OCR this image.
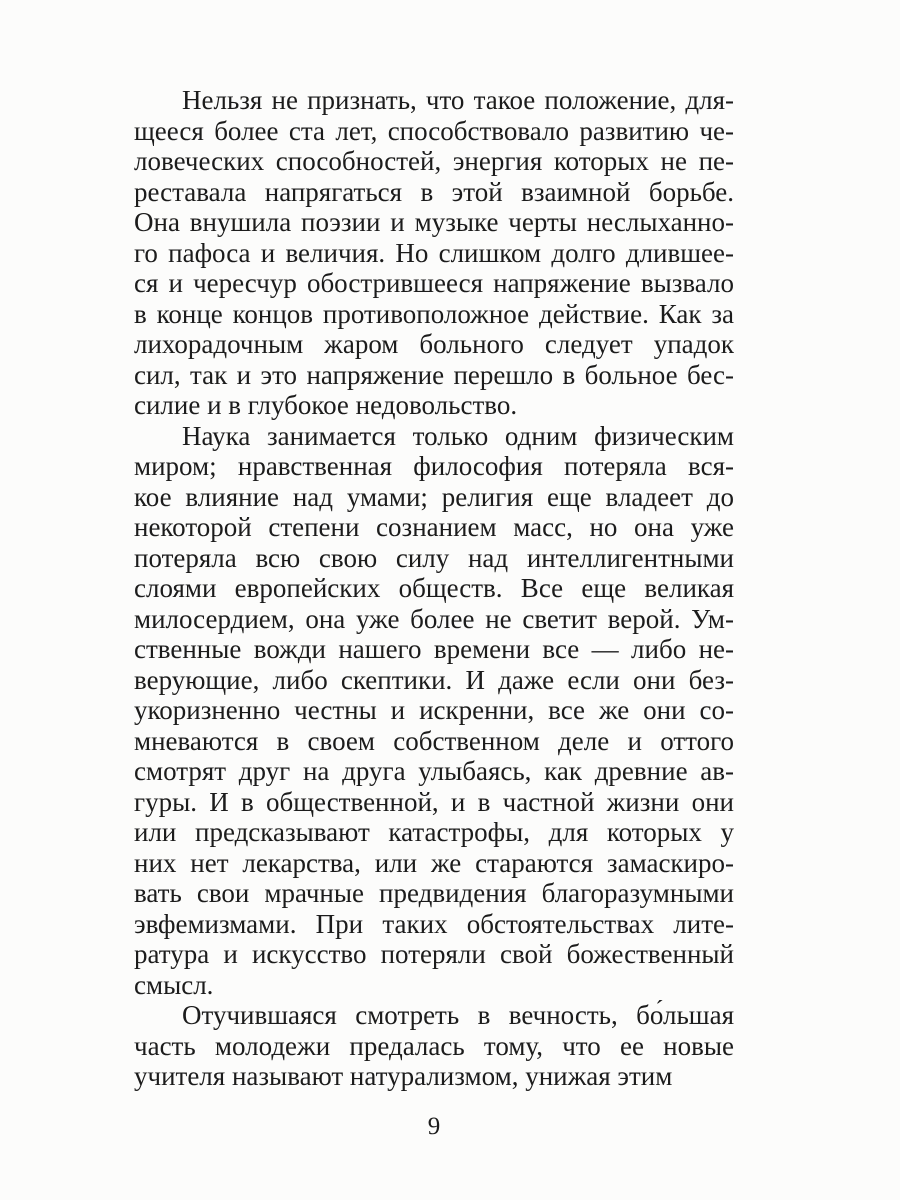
Нельзя не признать, что такое положение, для-
щееся более ста лет, способствовало развитию че-
ловеческих способностей, энергия которых не пе-
реставала напрягаться в этой взаимной борьбе.
Она внушила поэзии и музыке черты неслыханно-
го пафоса и величия. Но слишком долго длившее-
ся и чересчур обострившееся напряжение вызвало
в конце концов противоположное действие. Как за
лихорадочным жаром больного следует упадок
сил, так и это напряжение перешло в больное бес-
силие и в глубокое недовольство.
Наука занимается только одним физическим
миром; нравственная философия потеряла вся-
кое влияние над умами; религия еще владеет до
некоторой степени сознанием масс, но она уже
потеряла всю свою силу над интеллигентными
слоями европейских обществ. Все еще великая
милосердием, она уже более не светит верой. Ум-
ственные вожди нашего времени все — либо не-
верующие, либо скептики. И даже если они без-
укоризненно честны и искренни, все же они со-
мневаются в своем собственном деле и оттого
смотрят друг на друга улыбаясь, как древние ав-
гуры. И в общественной, и в частной жизни они
или предсказывают катастрофы, для которых у
них нет лекарства, или же стараются замаскиро-
вать свои мрачные предвидения благоразумными
эвфемизмами. При таких обстоятельствах лите-
ратура и искусство потеряли свой божественный
смысл.
Отучившаяся смотреть в вечность, бо́льшая
часть молодежи предалась тому, что ее новые
учителя называют натурализмом, унижая этим
9
